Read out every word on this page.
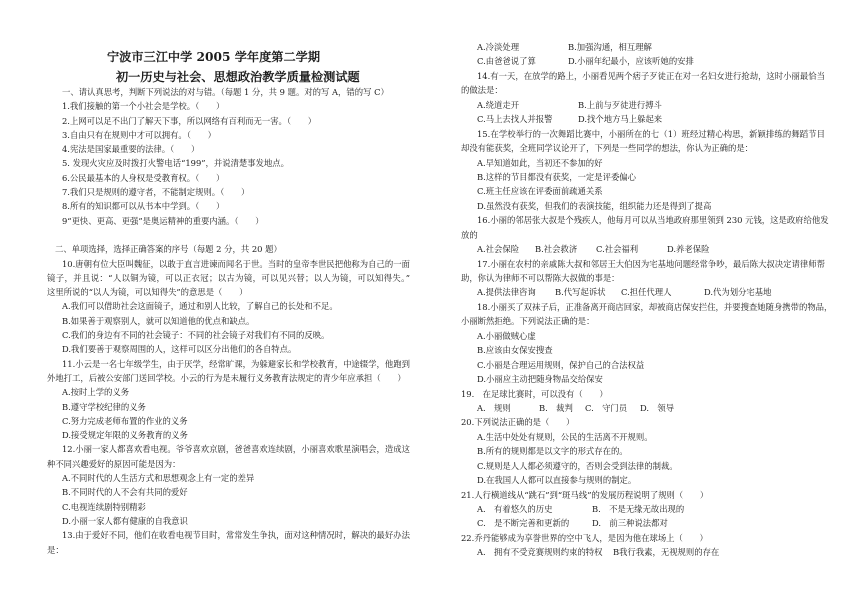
宁波市三江中学 2005 学年度第二学期
初一历史与社会、思想政治教学质量检测试题
一、请认真思考，判断下列说法的对与错。（每题 1 分，共 9 题。对的写 A，错的写 C）
1.我们接触的第一个小社会是学校。（　　）
2.上网可以足不出门了解天下事，所以网络有百利而无一害。（　　）
3.自由只有在规则中才可以拥有。（　　）
4.宪法是国家最重要的法律。（　　）
5. 发现火灾应及时拨打火警电话“199”，并说清楚事发地点。
6.公民最基本的人身权是受教育权。（　　）
7.我们只是规则的遵守者，不能制定规则。（　　）
8.所有的知识都可以从书本中学到。（　　）
9“更快、更高、更强”是奥运精神的重要内涵。（　　）
二、单项选择，选择正确答案的序号（每题 2 分，共 20 题）
10.唐朝有位大臣叫魏征，以敢于直言进谏而闻名于世。当时的皇帝李世民把他称为自己的一面
镜子，并且说：“人以铜为镜，可以正衣冠；以古为镜，可以见兴替；以人为镜，可以知得失。”
这里所说的“以人为镜，可以知得失”的意思是（　　）
A.我们可以借助社会这面镜子，通过和别人比较，了解自己的长处和不足。
B.如果善于观察别人，就可以知道他的优点和缺点。
C.我们的身边有不同的社会镜子：不同的社会镜子对我们有不同的反映。
D.我们要善于观察周围的人，这样可以区分出他们的各自特点。
11.小云是一名七年级学生，由于厌学，经常旷课，为躲避家长和学校教育，中途辍学，他跑到
外地打工，后被公安部门送回学校。小云的行为是未履行义务教育法规定的青少年应承担（　　）
A.按时上学的义务
B.遵守学校纪律的义务
C.努力完成老师布置的作业的义务
D.接受规定年限的义务教育的义务
12.小丽一家人都喜欢看电视。爷爷喜欢京剧，爸爸喜欢连续剧，小丽喜欢歌星演唱会，造成这
种不同兴趣爱好的原因可能是因为：
A.不同时代的人生活方式和思想观念上有一定的差异
B.不同时代的人不会有共同的爱好
C.电视连续剧特别精彩
D.小丽一家人都有健康的自我意识
13.由于爱好不同，他们在收看电视节目时，常常发生争执，面对这种情况时，解决的最好办法
是：
A.冷淡处理	B.加强沟通，相互理解
C.由爸爸说了算	D.小丽年纪最小，应该听她的安排
14.有一天，在放学的路上，小丽看见两个痞子歹徒正在对一名妇女进行抢劫，这时小丽最恰当
的做法是：
A.绕道走开	B.上前与歹徒进行搏斗
C.马上去找人并报警	D.找个地方马上躲起来
15.在学校举行的一次舞蹈比赛中，小丽所在的七（1）班经过精心构思，新颖排练的舞蹈节目
却没有能获奖，全班同学议论开了，下列是一些同学的想法，你认为正确的是：
A.早知道如此，当初还不参加的好
B.这样的节目都没有获奖，一定是评委偏心
C.班主任应该在评委面前疏通关系
D.虽然没有获奖，但我们的表演技能，组织能力还是得到了提高
16.小丽的邻居张大叔是个残疾人，他每月可以从当地政府那里领到 230 元钱，这是政府给他发
放的
A.社会保险	B.社会救济	C.社会福利	D.养老保险
17.小丽在农村的亲戚陈大叔和邻居王大伯因为宅基地问题经常争吵，最后陈大叔决定请律师帮
助，你认为律师不可以帮陈大叔做的事是：
A.提供法律咨询	B.代写起诉状	C.担任代理人	D.代为划分宅基地
18.小丽买了双袜子后，正准备离开商店回家，却被商店保安拦住，并要搜查她随身携带的物品，
小丽断然拒绝。下列说法正确的是：
A.小丽做贼心虚
B.应该由女保安搜查
C.小丽是合理运用规则，保护自己的合法权益
D.小丽应主动把随身物品交给保安
19.　在足球比赛时，可以没有（　　）
A.　规则	B.　裁判	C.　守门员	D.　领导
20.下列说法正确的是（　　）
A.生活中处处有规则，公民的生活离不开规则。
B.所有的规则都是以文字的形式存在的。
C.规则是人人都必须遵守的，否则会受到法律的制裁。
D.在我国人人都可以直接参与规则的制定。
21.人行横道线从“跳石”到“斑马线”的发展历程说明了规则（　　）
A.　有着悠久的历史	B.　不是无缘无故出现的
C.　是不断完善和更新的	D.　前三种说法都对
22.乔丹能够成为享誉世界的空中飞人，是因为他在球场上（　　）
A.　拥有不受竞赛规则约束的特权	B我行我素，无视规则的存在
